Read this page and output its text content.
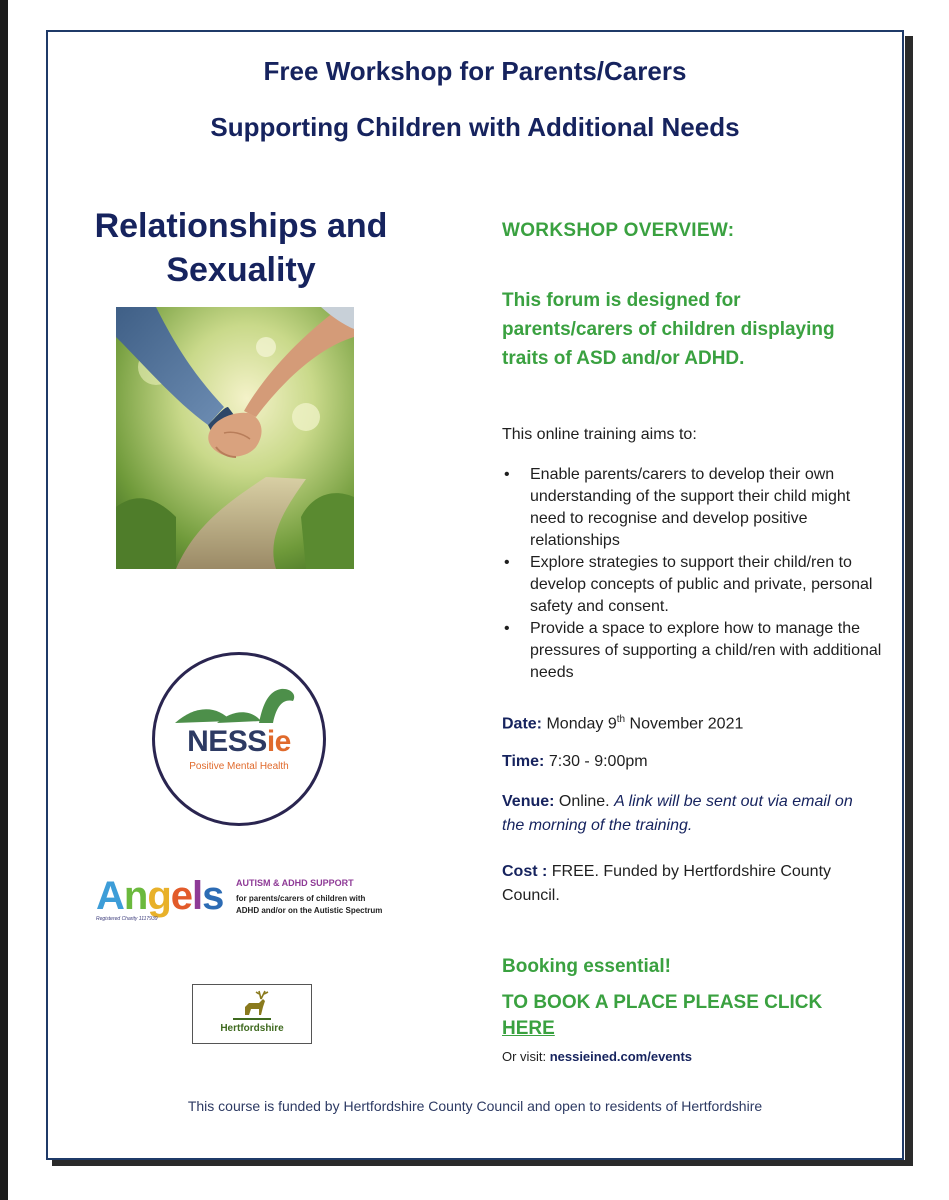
Free Workshop for Parents/Carers
Supporting Children with Additional Needs
Relationships and
Sexuality
NESSie
Positive Mental Health
Angels
Registered Charity 1117939
AUTISM & ADHD SUPPORT
for parents/carers of children with
ADHD and/or on the Autistic Spectrum
Hertfordshire
WORKSHOP OVERVIEW:
This forum is designed for parents/carers of children displaying traits of ASD and/or ADHD.
This online training aims to:
• Enable parents/carers to develop their own understanding of the support their child might need to recognise and develop positive relationships
• Explore strategies to support their child/ren to develop concepts of public and private, personal safety and consent.
• Provide a space to explore how to manage the pressures of supporting a child/ren with additional needs
Date: Monday 9th November 2021
Time: 7:30 - 9:00pm
Venue: Online. A link will be sent out via email on the morning of the training.
Cost : FREE. Funded by Hertfordshire County Council.
Booking essential!
TO BOOK A PLACE PLEASE CLICK HERE
Or visit: nessieined.com/events
This course is funded by Hertfordshire County Council and open to residents of Hertfordshire
